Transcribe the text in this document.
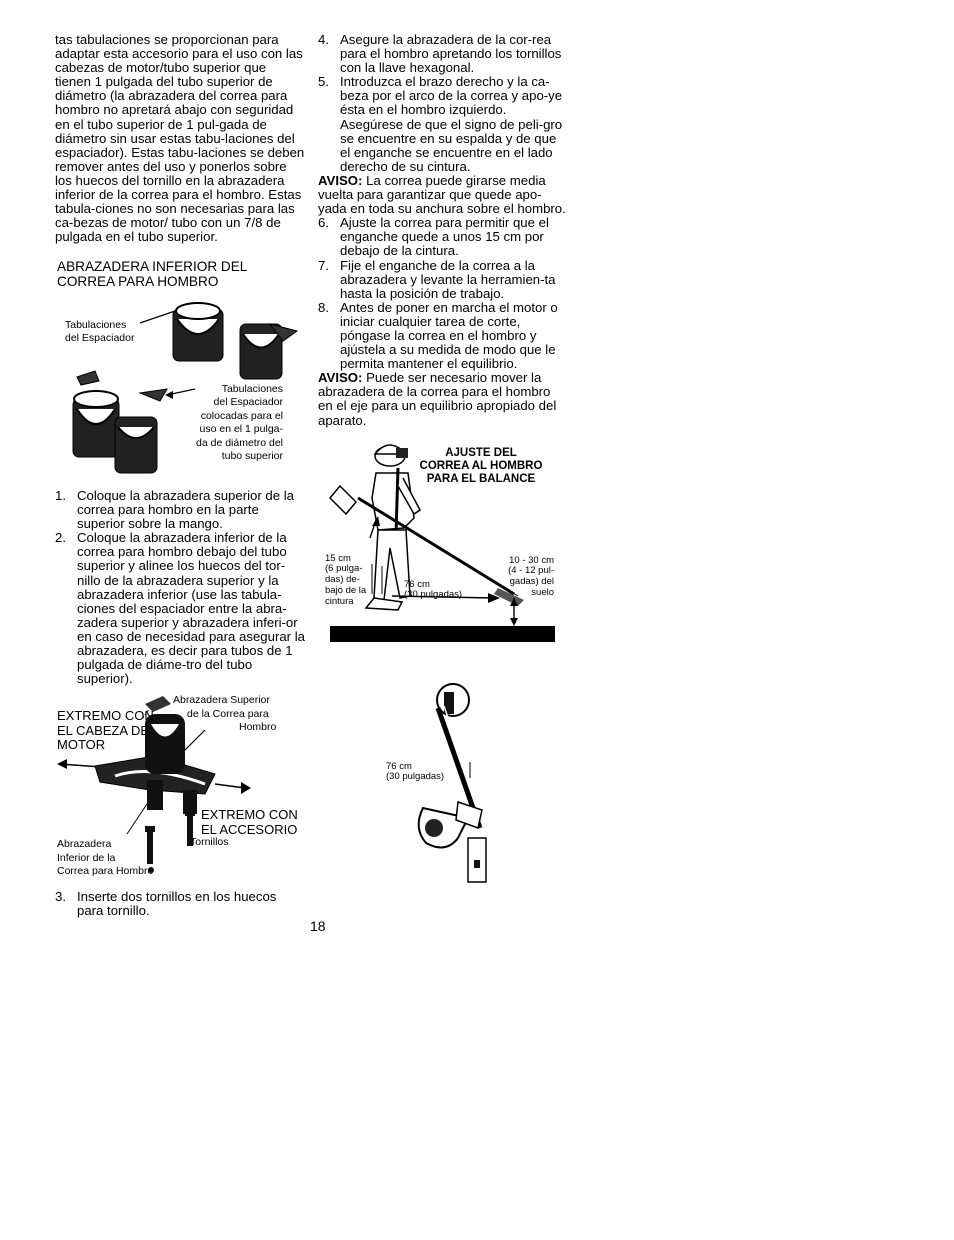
tas tabulaciones se proporcionan para adaptar esta accesorio para el uso con las cabezas de motor/tubo superior que tienen 1 pulgada del tubo superior de diámetro (la abrazadera del correa para hombro no apretará abajo con seguridad en el tubo superior de 1 pul-gada de diámetro sin usar estas tabu-laciones del espaciador). Estas tabu-laciones se deben remover antes del uso y ponerlos sobre los huecos del tornillo en la abrazadera inferior de la correa para el hombro. Estas tabula-ciones no son necesarias para las ca-bezas de motor/ tubo con un 7/8 de pulgada en el tubo superior.

ABRAZADERA INFERIOR DEL
CORREA PARA HOMBRO
Tabulaciones
del Espaciador
Tabulaciones
del Espaciador
colocadas para el
uso en el 1 pulga-
da de diámetro del
tubo superior
1. Coloque la abrazadera superior de la correa para hombro en la parte superior sobre la mango.
2. Coloque la abrazadera inferior de la correa para hombro debajo del tubo superior y alinee los huecos del tor-nillo de la abrazadera superior y la abrazadera inferior (use las tabula-ciones del espaciador entre la abra-zadera superior y abrazadera inferi-or en caso de necesidad para asegurar la abrazadera, es decir para tubos de 1 pulgada de diáme-tro del tubo superior).
Abrazadera Superior
de la Correa para
Hombro
EXTREMO CON
EL CABEZA DE
MOTOR
EXTREMO CON
EL ACCESORIO
Tornillos
Abrazadera
Inferior de la
Correa para Hombro
3. Inserte dos tornillos en los huecos para tornillo.
4. Asegure la abrazadera de la cor-rea para el hombro apretando los tornillos con la llave hexagonal.
5. Introduzca el brazo derecho y la ca-beza por el arco de la correa y apo-ye ésta en el hombro izquierdo. Asegúrese de que el signo de peli-gro se encuentre en su espalda y de que el enganche se encuentre en el lado derecho de su cintura.

AVISO: La correa puede girarse media vuelta para garantizar que quede apo-yada en toda su anchura sobre el hombro.

6. Ajuste la correa para permitir que el enganche quede a unos 15 cm por debajo de la cintura.
7. Fije el enganche de la correa a la abrazadera y levante la herramien-ta hasta la posición de trabajo.
8. Antes de poner en marcha el motor o iniciar cualquier tarea de corte, póngase la correa en el hombro y ajústela a su medida de modo que le permita mantener el equilibrio.

AVISO: Puede ser necesario mover la abrazadera de la correa para el hombro en el eje para un equilibrio apropiado del aparato.

AJUSTE DEL
CORREA AL HOMBRO
PARA EL BALANCE
15 cm
(6 pulga-
das) de-
bajo de la
cintura
76 cm
(30 pulgadas)
10 - 30 cm
(4 - 12 pul-
gadas) del
suelo
76 cm
(30 pulgadas)
18
